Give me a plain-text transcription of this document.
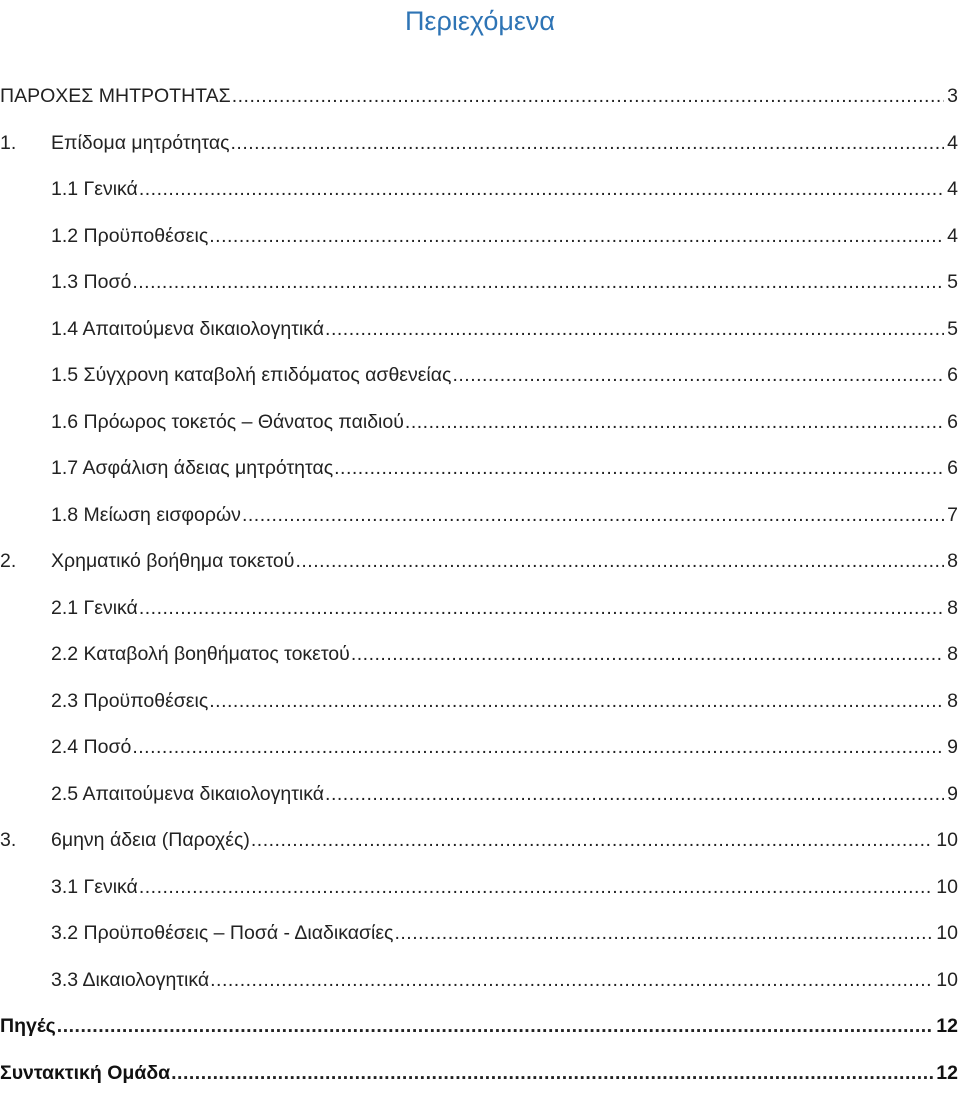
Περιεχόμενα
ΠΑΡΟΧΕΣ ΜΗΤΡΟΤΗΤΑΣ .....	3
1.	Επίδομα μητρότητας .....	4
1.1 Γενικά .....	4
1.2 Προϋποθέσεις .....	4
1.3 Ποσό .....	5
1.4 Απαιτούμενα δικαιολογητικά .....	5
1.5 Σύγχρονη καταβολή επιδόματος ασθενείας .....	6
1.6 Πρόωρος τοκετός – Θάνατος παιδιού .....	6
1.7 Ασφάλιση άδειας μητρότητας .....	6
1.8 Μείωση εισφορών .....	7
2.	Χρηματικό βοήθημα τοκετού .....	8
2.1 Γενικά .....	8
2.2 Καταβολή βοηθήματος τοκετού .....	8
2.3 Προϋποθέσεις .....	8
2.4 Ποσό .....	9
2.5 Απαιτούμενα δικαιολογητικά .....	9
3.	6μηνη άδεια (Παροχές) .....	10
3.1 Γενικά .....	10
3.2 Προϋποθέσεις – Ποσά - Διαδικασίες .....	10
3.3 Δικαιολογητικά .....	10
Πηγές .....	12
Συντακτική Ομάδα .....	12
